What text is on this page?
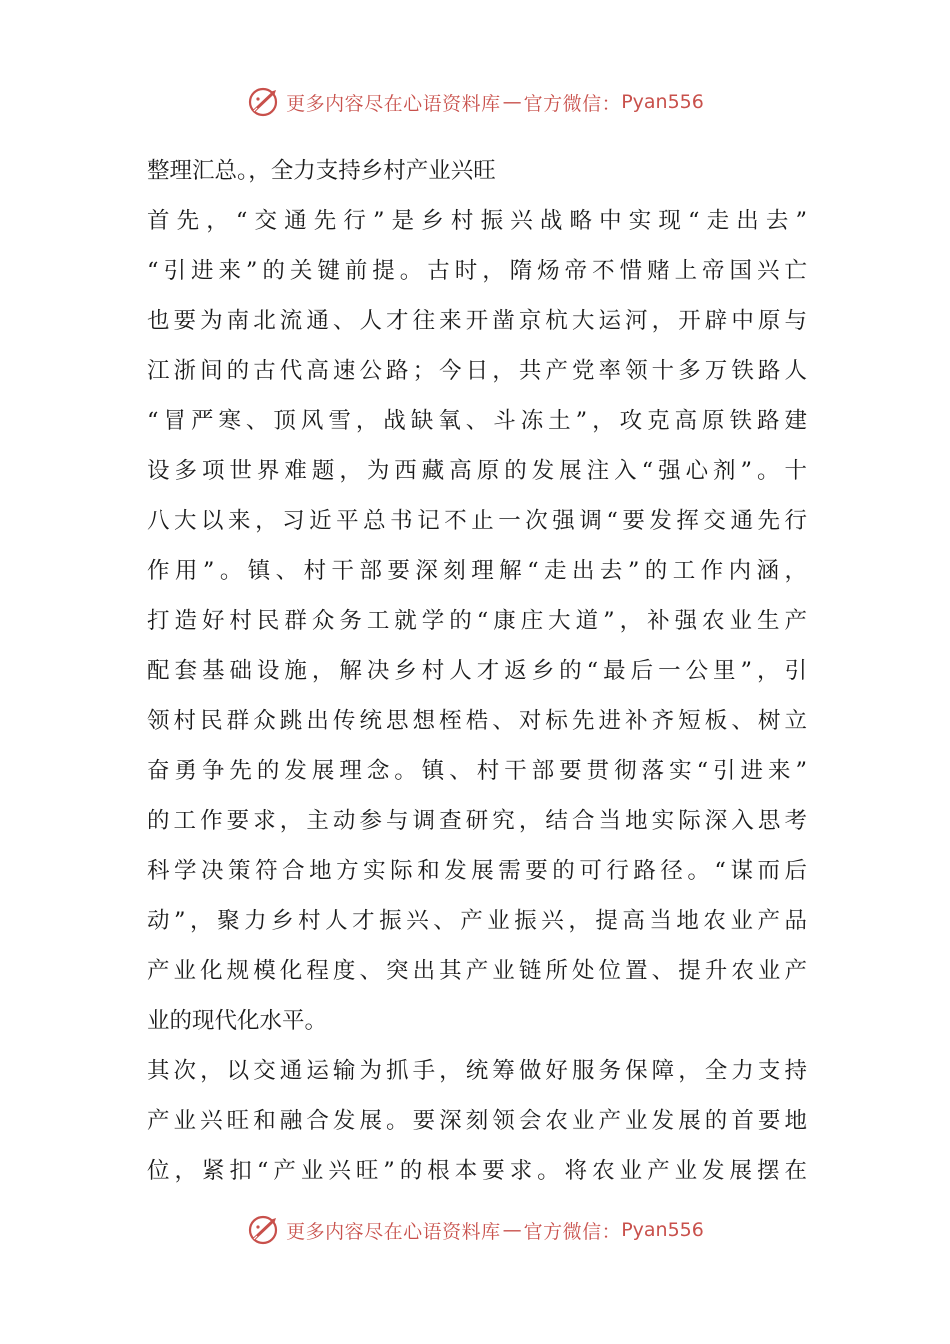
更多内容尽在心语资料库 — 官方微信： Pyan556
整理汇总。，全力支持乡村产业兴旺
首先，“交通先行”是乡村振兴战略中实现“走出去”
“引进来”的关键前提。古时，隋炀帝不惜赌上帝国兴亡
也要为南北流通、人才往来开凿京杭大运河，开辟中原与
江浙间的古代高速公路；今日，共产党率领十多万铁路人
“冒严寒、顶风雪，战缺氧、斗冻土”，攻克高原铁路建
设多项世界难题，为西藏高原的发展注入“强心剂”。十
八大以来，习近平总书记不止一次强调“要发挥交通先行
作用”。镇、村干部要深刻理解“走出去”的工作内涵，
打造好村民群众务工就学的“康庄大道”，补强农业生产
配套基础设施，解决乡村人才返乡的“最后一公里”，引
领村民群众跳出传统思想桎梏、对标先进补齐短板、树立
奋勇争先的发展理念。镇、村干部要贯彻落实“引进来”
的工作要求，主动参与调查研究，结合当地实际深入思考
科学决策符合地方实际和发展需要的可行路径。“谋而后
动”，聚力乡村人才振兴、产业振兴，提高当地农业产品
产业化规模化程度、突出其产业链所处位置、提升农业产
业的现代化水平。
其次，以交通运输为抓手，统筹做好服务保障，全力支持
产业兴旺和融合发展。要深刻领会农业产业发展的首要地
位，紧扣“产业兴旺”的根本要求。将农业产业发展摆在
更多内容尽在心语资料库 — 官方微信： Pyan556
